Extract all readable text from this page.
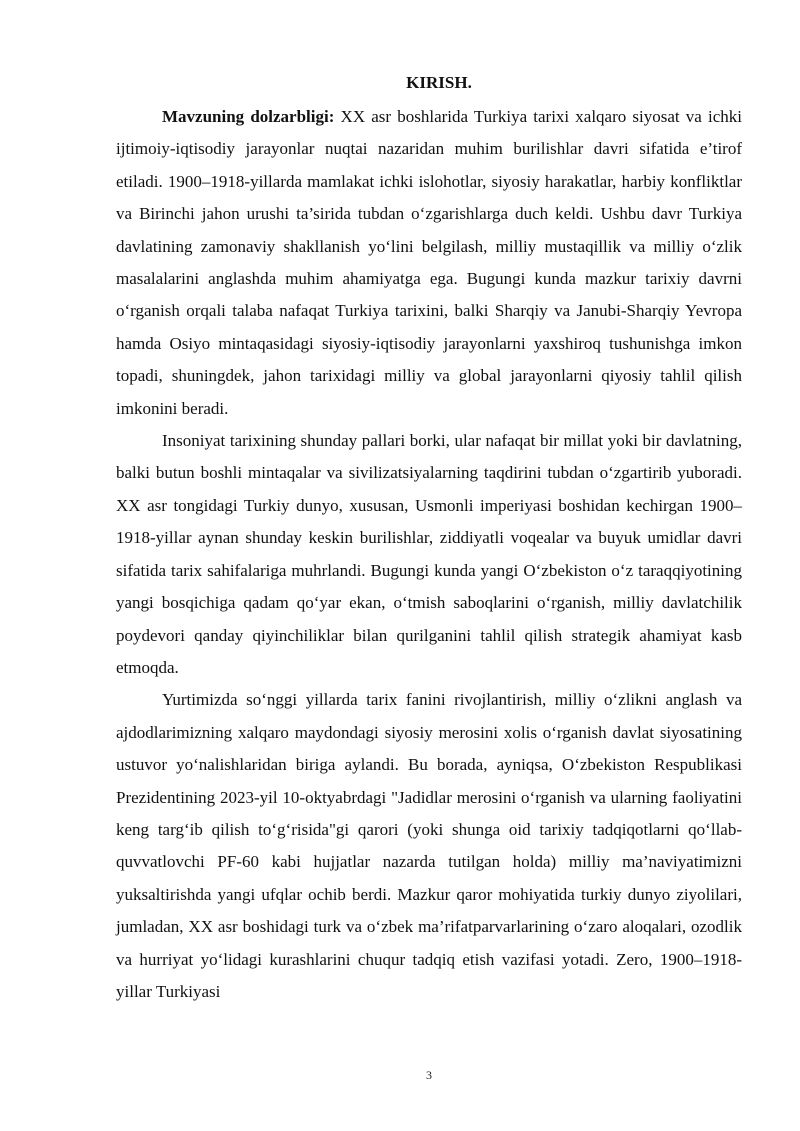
KIRISH.

Mavzuning dolzarbligi: XX asr boshlarida Turkiya tarixi xalqaro siyosat va ichki ijtimoiy-iqtisodiy jarayonlar nuqtai nazaridan muhim burilishlar davri sifatida e’tirof etiladi. 1900–1918-yillarda mamlakat ichki islohotlar, siyosiy harakatlar, harbiy konfliktlar va Birinchi jahon urushi ta’sirida tubdan o‘zgarishlarga duch keldi. Ushbu davr Turkiya davlatining zamonaviy shakllanish yo‘lini belgilash, milliy mustaqillik va milliy o‘zlik masalalarini anglashda muhim ahamiyatga ega. Bugungi kunda mazkur tarixiy davrni o‘rganish orqali talaba nafaqat Turkiya tarixini, balki Sharqiy va Janubi-Sharqiy Yevropa hamda Osiyo mintaqasidagi siyosiy-iqtisodiy jarayonlarni yaxshiroq tushunishga imkon topadi, shuningdek, jahon tarixidagi milliy va global jarayonlarni qiyosiy tahlil qilish imkonini beradi.

Insoniyat tarixining shunday pallari borki, ular nafaqat bir millat yoki bir davlatning, balki butun boshli mintaqalar va sivilizatsiyalarning taqdirini tubdan o‘zgartirib yuboradi. XX asr tongidagi Turkiy dunyo, xususan, Usmonli imperiyasi boshidan kechirgan 1900–1918-yillar aynan shunday keskin burilishlar, ziddiyatli voqealar va buyuk umidlar davri sifatida tarix sahifalariga muhrlandi. Bugungi kunda yangi O‘zbekiston o‘z taraqqiyotining yangi bosqichiga qadam qo‘yar ekan, o‘tmish saboqlarini o‘rganish, milliy davlatchilik poydevori qanday qiyinchiliklar bilan qurilganini tahlil qilish strategik ahamiyat kasb etmoqda.

Yurtimizda so‘nggi yillarda tarix fanini rivojlantirish, milliy o‘zlikni anglash va ajdodlarimizning xalqaro maydondagi siyosiy merosini xolis o‘rganish davlat siyosatining ustuvor yo‘nalishlaridan biriga aylandi. Bu borada, ayniqsa, O‘zbekiston Respublikasi Prezidentining 2023-yil 10-oktyabrdagi "Jadidlar merosini o‘rganish va ularning faoliyatini keng targ‘ib qilish to‘g‘risida"gi qarori (yoki shunga oid tarixiy tadqiqotlarni qo‘llab-quvvatlovchi PF-60 kabi hujjatlar nazarda tutilgan holda) milliy ma’naviyatimizni yuksaltirishda yangi ufqlar ochib berdi. Mazkur qaror mohiyatida turkiy dunyo ziyolilari, jumladan, XX asr boshidagi turk va o‘zbek ma’rifatparvarlarining o‘zaro aloqalari, ozodlik va hurriyat yo‘lidagi kurashlarini chuqur tadqiq etish vazifasi yotadi. Zero, 1900–1918-yillar Turkiyasi

3
